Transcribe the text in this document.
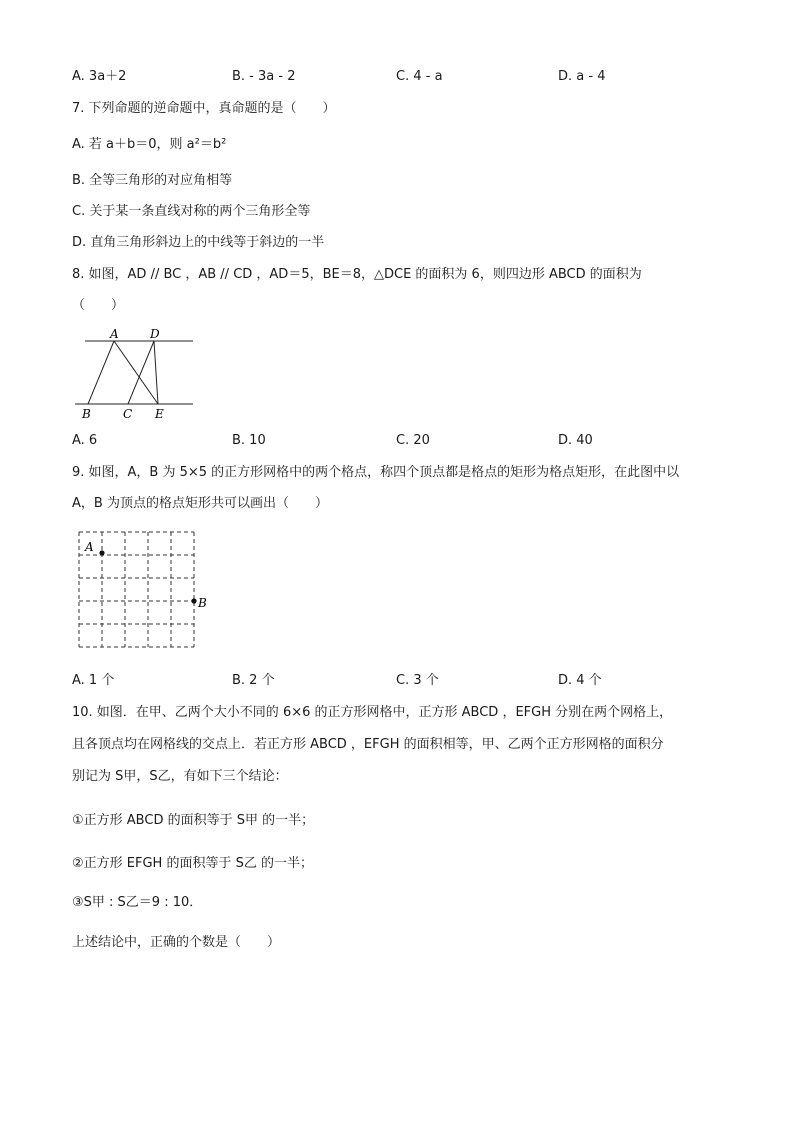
A. 3a＋2	B. - 3a - 2	C. 4 - a	D. a - 4
7. 下列命题的逆命题中，真命题的是（　　）
A. 若 a＋b＝0，则 a²＝b²
B. 全等三角形的对应角相等
C. 关于某一条直线对称的两个三角形全等
D. 直角三角形斜边上的中线等于斜边的一半
8. 如图，AD // BC ，AB // CD ，AD＝5，BE＝8，△DCE 的面积为 6，则四边形 ABCD 的面积为
（　　）
A	D
B	C E
A. 6	B. 10	C. 20	D. 40
9. 如图，A，B 为 5×5 的正方形网格中的两个格点，称四个顶点都是格点的矩形为格点矩形，在此图中以
A，B 为顶点的格点矩形共可以画出（　　）
A
B
A. 1 个	B. 2 个	C. 3 个	D. 4 个
10. 如图．在甲、乙两个大小不同的 6×6 的正方形网格中，正方形 ABCD ，EFGH 分别在两个网格上，
且各顶点均在网格线的交点上．若正方形 ABCD ，EFGH 的面积相等，甲、乙两个正方形网格的面积分
别记为 S甲，S乙，有如下三个结论：
①正方形 ABCD 的面积等于 S甲 的一半；
②正方形 EFGH 的面积等于 S乙 的一半；
③S甲 : S乙＝9 : 10．
上述结论中，正确的个数是（　　）
